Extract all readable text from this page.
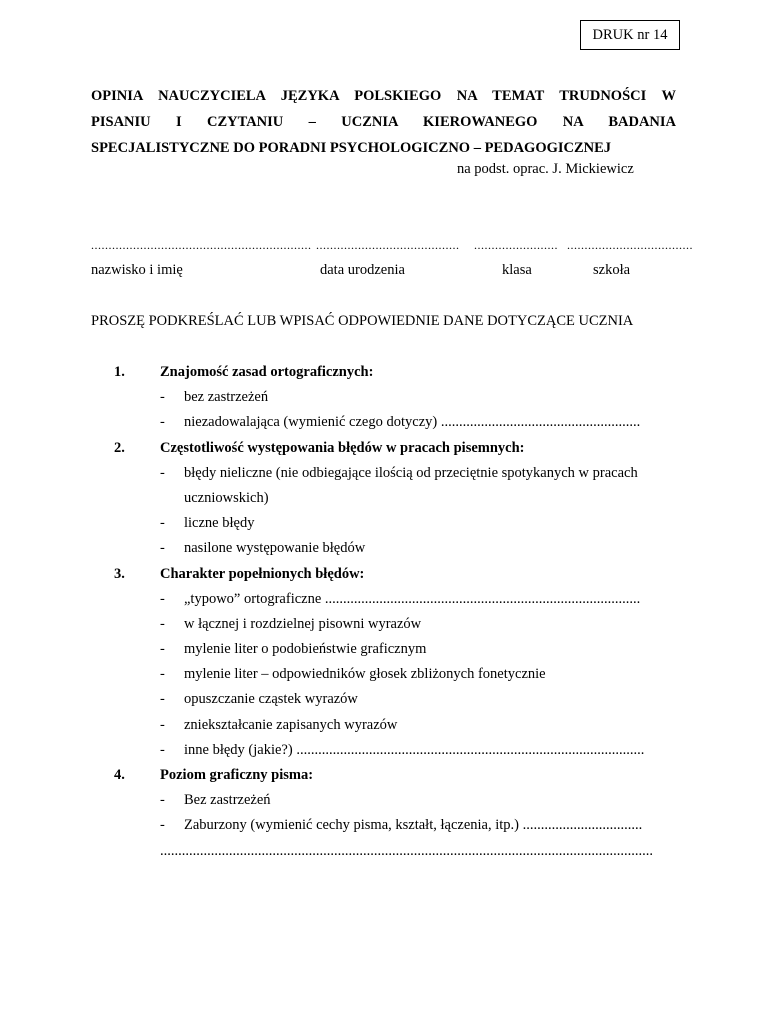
DRUK nr 14
OPINIA NAUCZYCIELA JĘZYKA POLSKIEGO NA TEMAT TRUDNOŚCI W
PISANIU I CZYTANIU – UCZNIA KIEROWANEGO NA BADANIA
SPECJALISTYCZNE DO PORADNI PSYCHOLOGICZNO – PEDAGOGICZNEJ
na podst. oprac. J. Mickiewicz
............................................................... ......................................... ........................ ....................................
nazwisko i imię	data urodzenia	klasa	szkoła
PROSZĘ PODKREŚLAĆ LUB WPISAĆ ODPOWIEDNIE DANE DOTYCZĄCE UCZNIA
1. Znajomość zasad ortograficznych:
- bez zastrzeżeń
- niezadowalająca (wymienić czego dotyczy) .......................................................
2. Częstotliwość występowania błędów w pracach pisemnych:
- błędy nieliczne (nie odbiegające ilością od przeciętnie spotykanych w pracach
uczniowskich)
- liczne błędy
- nasilone występowanie błędów
3. Charakter popełnionych błędów:
- „typowo” ortograficzne .......................................................................................
- w łącznej i rozdzielnej pisowni wyrazów
- mylenie liter o podobieństwie graficznym
- mylenie liter – odpowiedników głosek zbliżonych fonetycznie
- opuszczanie cząstek wyrazów
- zniekształcanie zapisanych wyrazów
- inne błędy (jakie?) ................................................................................................
4. Poziom graficzny pisma:
- Bez zastrzeżeń
- Zaburzony (wymienić cechy pisma, kształt, łączenia, itp.) .................................
........................................................................................................................................
